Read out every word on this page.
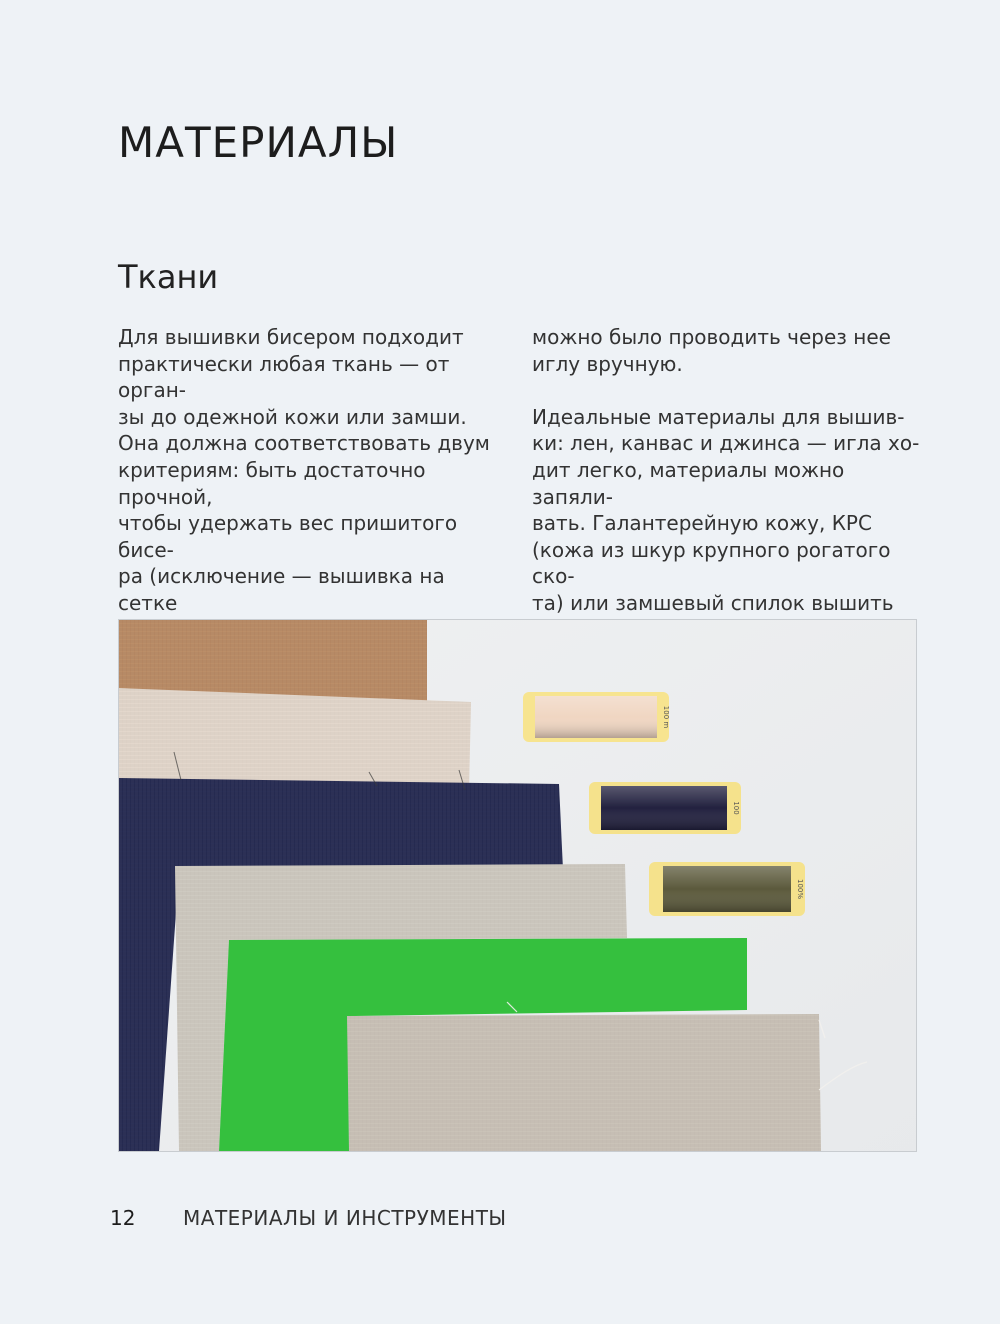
МАТЕРИАЛЫ
Ткани

Для вышивки бисером подходит
практически любая ткань — от орган-
зы до одежной кожи или замши.
Она должна соответствовать двум
критериям: быть достаточно прочной,
чтобы удержать вес пришитого бисе-
ра (исключение — вышивка на сетке

можно было проводить через нее
иглу вручную.

Идеальные материалы для вышив-
ки: лен, канвас и джинса — игла хо-
дит легко, материалы можно запяли-
вать. Галантерейную кожу, КРС
(кожа из шкур крупного рогатого ско-
та) или замшевый спилок вышить

100 m
100
100%
12 МАТЕРИАЛЫ И ИНСТРУМЕНТЫ
